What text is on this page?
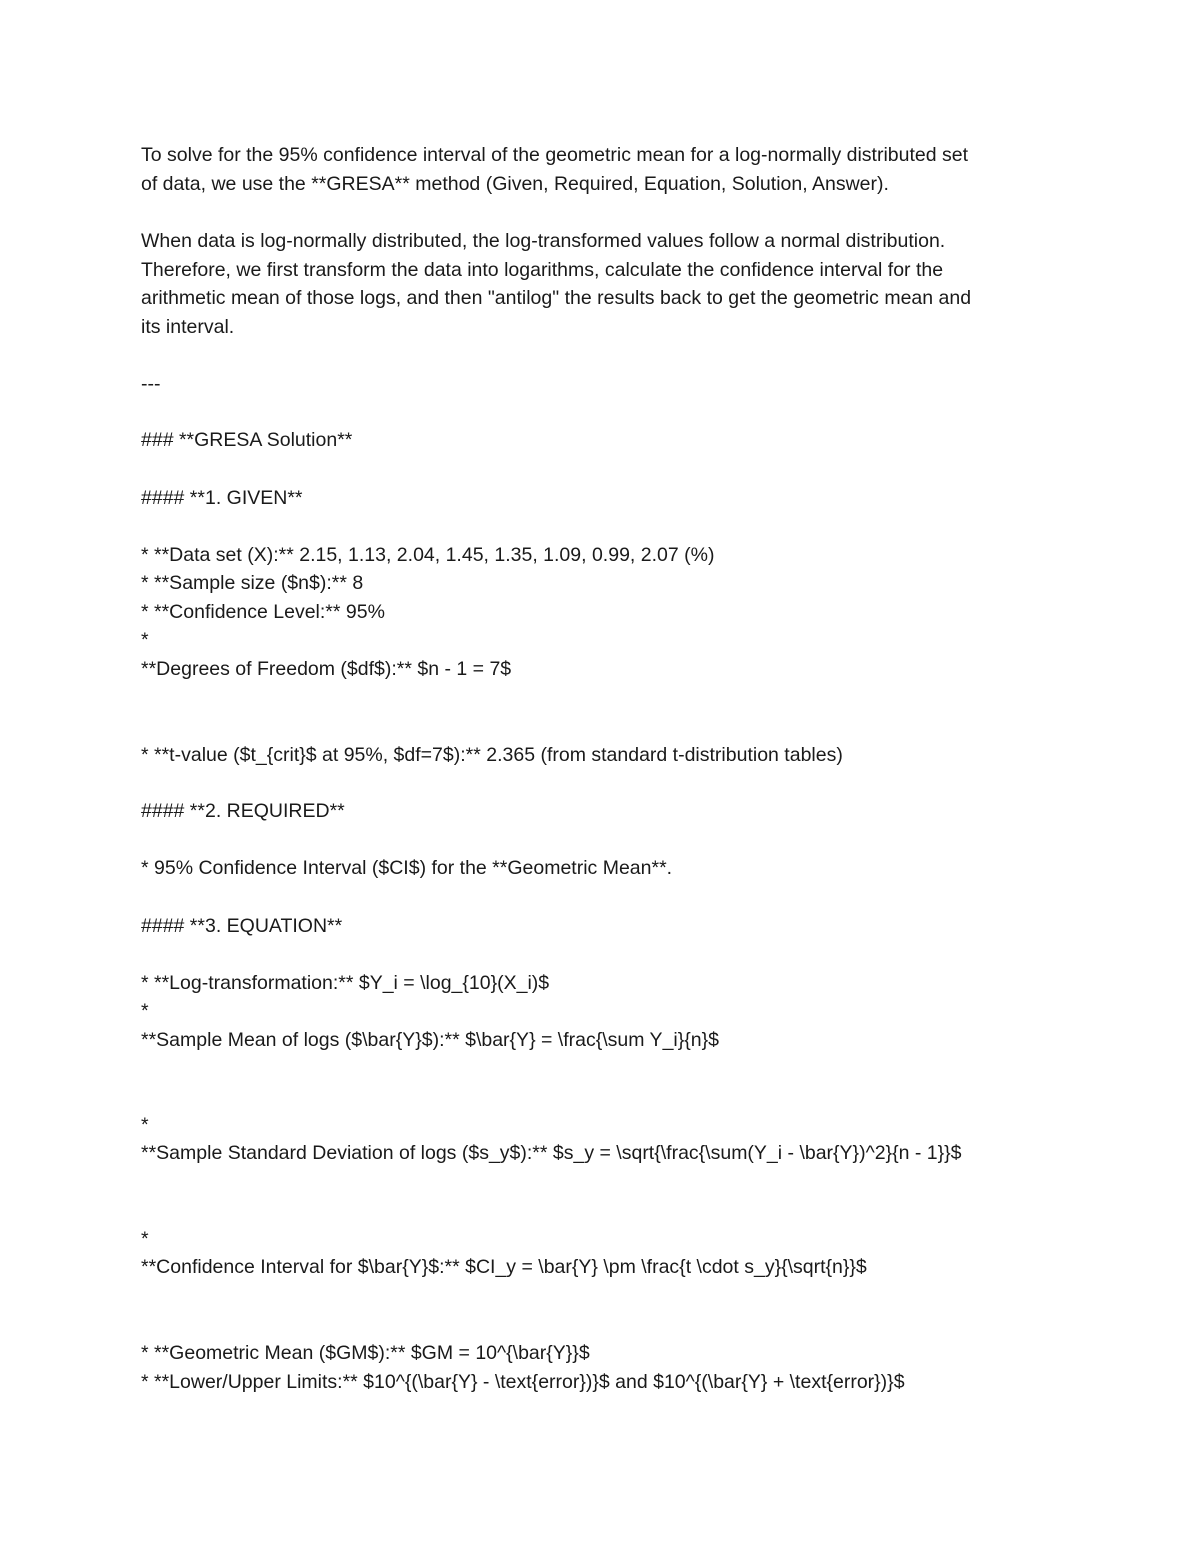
To solve for the 95% confidence interval of the geometric mean for a log-normally distributed set
of data, we use the **GRESA** method (Given, Required, Equation, Solution, Answer).
When data is log-normally distributed, the log-transformed values follow a normal distribution.
Therefore, we first transform the data into logarithms, calculate the confidence interval for the
arithmetic mean of those logs, and then "antilog" the results back to get the geometric mean and
its interval.
---
### **GRESA Solution**
#### **1. GIVEN**
* **Data set (X):** 2.15, 1.13, 2.04, 1.45, 1.35, 1.09, 0.99, 2.07 (%)
* **Sample size ($n$):** 8
* **Confidence Level:** 95%
*
**Degrees of Freedom ($df$):** $n - 1 = 7$
* **t-value ($t_{crit}$ at 95%, $df=7$):** 2.365 (from standard t-distribution tables)
#### **2. REQUIRED**
* 95% Confidence Interval ($CI$) for the **Geometric Mean**.
#### **3. EQUATION**
* **Log-transformation:** $Y_i = \log_{10}(X_i)$
*
**Sample Mean of logs ($\bar{Y}$):** $\bar{Y} = \frac{\sum Y_i}{n}$
*
**Sample Standard Deviation of logs ($s_y$):** $s_y = \sqrt{\frac{\sum(Y_i - \bar{Y})^2}{n - 1}}$
*
**Confidence Interval for $\bar{Y}$:** $CI_y = \bar{Y} \pm \frac{t \cdot s_y}{\sqrt{n}}$
* **Geometric Mean ($GM$):** $GM = 10^{\bar{Y}}$
* **Lower/Upper Limits:** $10^{(\bar{Y} - \text{error})}$ and $10^{(\bar{Y} + \text{error})}$
